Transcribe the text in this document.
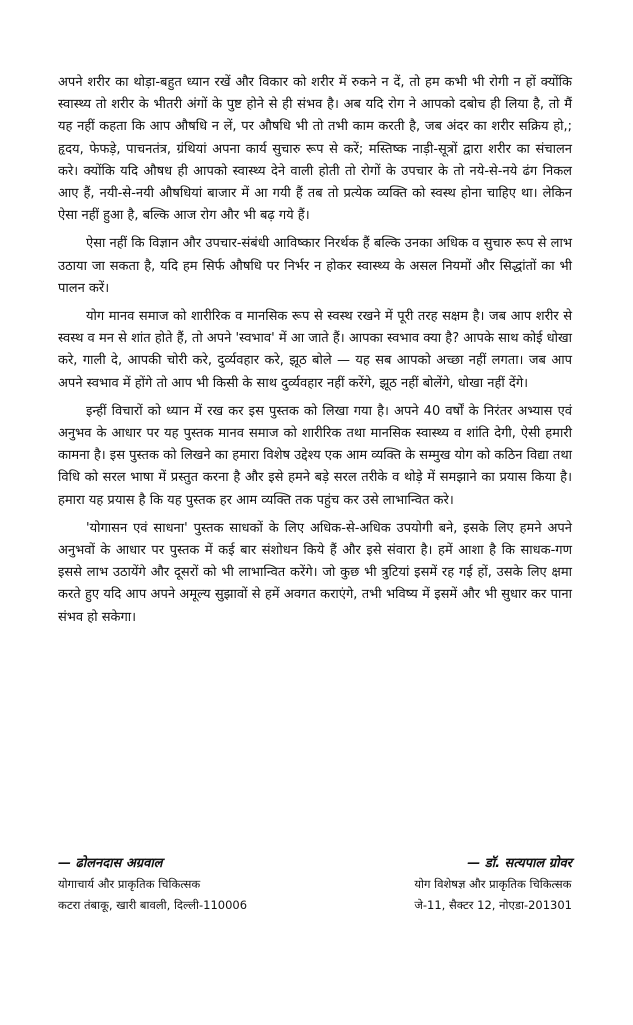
अपने शरीर का थोड़ा-बहुत ध्यान रखें और विकार को शरीर में रुकने न दें, तो हम कभी भी रोगी न हों क्योंकि स्वास्थ्य तो शरीर के भीतरी अंगों के पुष्ट होने से ही संभव है। अब यदि रोग ने आपको दबोच ही लिया है, तो मैं यह नहीं कहता कि आप औषधि न लें, पर औषधि भी तो तभी काम करती है, जब अंदर का शरीर सक्रिय हो,; हृदय, फेफड़े, पाचनतंत्र, ग्रंथियां अपना कार्य सुचारु रूप से करें; मस्तिष्क नाड़ी-सूत्रों द्वारा शरीर का संचालन करे। क्योंकि यदि औषध ही आपको स्वास्थ्य देने वाली होती तो रोगों के उपचार के तो नये-से-नये ढंग निकल आए हैं, नयी-से-नयी औषधियां बाजार में आ गयी हैं तब तो प्रत्येक व्यक्ति को स्वस्थ होना चाहिए था। लेकिन ऐसा नहीं हुआ है, बल्कि आज रोग और भी बढ़ गये हैं।

ऐसा नहीं कि विज्ञान और उपचार-संबंधी आविष्कार निरर्थक हैं बल्कि उनका अधिक व सुचारु रूप से लाभ उठाया जा सकता है, यदि हम सिर्फ औषधि पर निर्भर न होकर स्वास्थ्य के असल नियमों और सिद्धांतों का भी पालन करें।

योग मानव समाज को शारीरिक व मानसिक रूप से स्वस्थ रखने में पूरी तरह सक्षम है। जब आप शरीर से स्वस्थ व मन से शांत होते हैं, तो अपने 'स्वभाव' में आ जाते हैं। आपका स्वभाव क्या है? आपके साथ कोई धोखा करे, गाली दे, आपकी चोरी करे, दुर्व्यवहार करे, झूठ बोले — यह सब आपको अच्छा नहीं लगता। जब आप अपने स्वभाव में होंगे तो आप भी किसी के साथ दुर्व्यवहार नहीं करेंगे, झूठ नहीं बोलेंगे, धोखा नहीं देंगे।

इन्हीं विचारों को ध्यान में रख कर इस पुस्तक को लिखा गया है। अपने 40 वर्षों के निरंतर अभ्यास एवं अनुभव के आधार पर यह पुस्तक मानव समाज को शारीरिक तथा मानसिक स्वास्थ्य व शांति देगी, ऐसी हमारी कामना है। इस पुस्तक को लिखने का हमारा विशेष उद्देश्य एक आम व्यक्ति के सम्मुख योग को कठिन विद्या तथा विधि को सरल भाषा में प्रस्तुत करना है और इसे हमने बड़े सरल तरीके व थोड़े में समझाने का प्रयास किया है। हमारा यह प्रयास है कि यह पुस्तक हर आम व्यक्ति तक पहुंच कर उसे लाभान्वित करे।

'योगासन एवं साधना' पुस्तक साधकों के लिए अधिक-से-अधिक उपयोगी बने, इसके लिए हमने अपने अनुभवों के आधार पर पुस्तक में कई बार संशोधन किये हैं और इसे संवारा है। हमें आशा है कि साधक-गण इससे लाभ उठायेंगे और दूसरों को भी लाभान्वित करेंगे। जो कुछ भी त्रुटियां इसमें रह गई हों, उसके लिए क्षमा करते हुए यदि आप अपने अमूल्य सुझावों से हमें अवगत कराएंगे, तभी भविष्य में इसमें और भी सुधार कर पाना संभव हो सकेगा।

— ढोलनदास अग्रवाल
योगाचार्य और प्राकृतिक चिकित्सक
कटरा तंबाकू, खारी बावली, दिल्ली-110006
— डॉ. सत्यपाल ग्रोवर
योग विशेषज्ञ और प्राकृतिक चिकित्सक
जे-11, सैक्टर 12, नोएडा-201301
